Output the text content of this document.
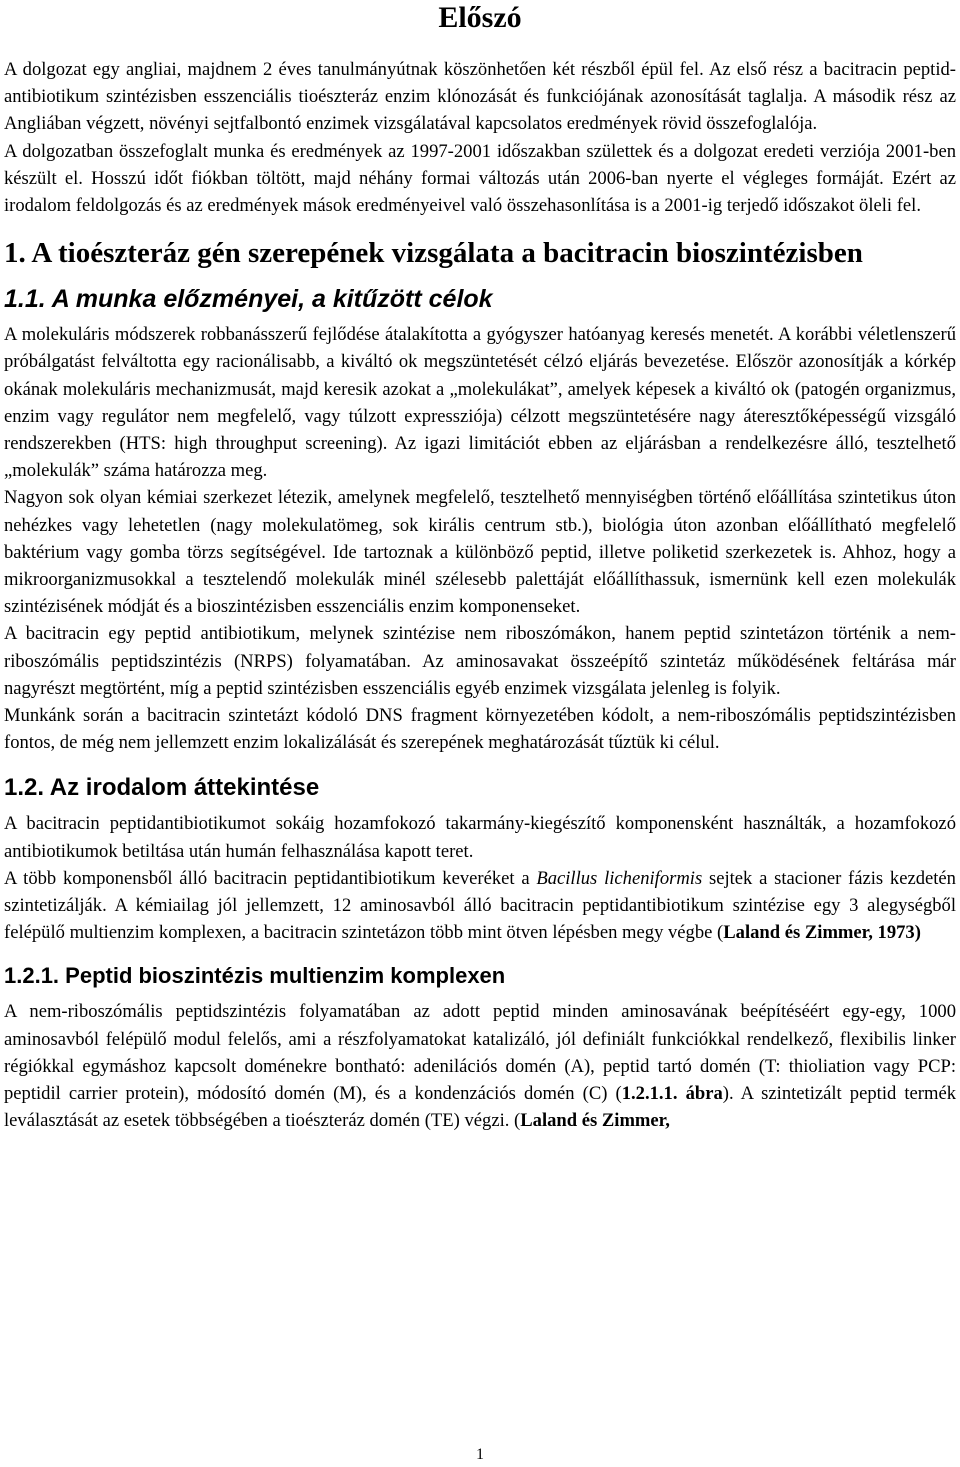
Előszó

A dolgozat egy angliai, majdnem 2 éves tanulmányútnak köszönhetően két részből épül fel. Az első rész a bacitracin peptid-antibiotikum szintézisben esszenciális tioészteráz enzim klónozását és funkciójának azonosítását taglalja. A második rész az Angliában végzett, növényi sejtfalbontó enzimek vizsgálatával kapcsolatos eredmények rövid összefoglalója.

A dolgozatban összefoglalt munka és eredmények az 1997-2001 időszakban születtek és a dolgozat eredeti verziója 2001-ben készült el. Hosszú időt fiókban töltött, majd néhány formai változás után 2006-ban nyerte el végleges formáját. Ezért az irodalom feldolgozás és az eredmények mások eredményeivel való összehasonlítása is a 2001-ig terjedő időszakot öleli fel.

1. A tioészteráz gén szerepének vizsgálata a bacitracin bioszintézisben
1.1. A munka előzményei, a kitűzött célok

A molekuláris módszerek robbanásszerű fejlődése átalakította a gyógyszer hatóanyag keresés menetét. A korábbi véletlenszerű próbálgatást felváltotta egy racionálisabb, a kiváltó ok megszüntetését célzó eljárás bevezetése. Először azonosítják a kórkép okának molekuláris mechanizmusát, majd keresik azokat a „molekulákat”, amelyek képesek a kiváltó ok (patogén organizmus, enzim vagy regulátor nem megfelelő, vagy túlzott expressziója) célzott megszüntetésére nagy áteresztőképességű vizsgáló rendszerekben (HTS: high throughput screening). Az igazi limitációt ebben az eljárásban a rendelkezésre álló, tesztelhető „molekulák” száma határozza meg.

Nagyon sok olyan kémiai szerkezet létezik, amelynek megfelelő, tesztelhető mennyiségben történő előállítása szintetikus úton nehézkes vagy lehetetlen (nagy molekulatömeg, sok királis centrum stb.), biológia úton azonban előállítható megfelelő baktérium vagy gomba törzs segítségével. Ide tartoznak a különböző peptid, illetve poliketid szerkezetek is. Ahhoz, hogy a mikroorganizmusokkal a tesztelendő molekulák minél szélesebb palettáját előállíthassuk, ismernünk kell ezen molekulák szintézisének módját és a bioszintézisben esszenciális enzim komponenseket.

A bacitracin egy peptid antibiotikum, melynek szintézise nem riboszómákon, hanem peptid szintetázon történik a nem-riboszómális peptidszintézis (NRPS) folyamatában. Az aminosavakat összeépítő szintetáz működésének feltárása már nagyrészt megtörtént, míg a peptid szintézisben esszenciális egyéb enzimek vizsgálata jelenleg is folyik.

Munkánk során a bacitracin szintetázt kódoló DNS fragment környezetében kódolt, a nem-riboszómális peptidszintézisben fontos, de még nem jellemzett enzim lokalizálását és szerepének meghatározását tűztük ki célul.

1.2. Az irodalom áttekintése

A bacitracin peptidantibiotikumot sokáig hozamfokozó takarmány-kiegészítő komponensként használták, a hozamfokozó antibiotikumok betiltása után humán felhasználása kapott teret.

A több komponensből álló bacitracin peptidantibiotikum keveréket a Bacillus licheniformis sejtek a stacioner fázis kezdetén szintetizálják. A kémiailag jól jellemzett, 12 aminosavból álló bacitracin peptidantibiotikum szintézise egy 3 alegységből felépülő multienzim komplexen, a bacitracin szintetázon több mint ötven lépésben megy végbe (Laland és Zimmer, 1973)

1.2.1. Peptid bioszintézis multienzim komplexen

A nem-riboszómális peptidszintézis folyamatában az adott peptid minden aminosavának beépítéséért egy-egy, 1000 aminosavból felépülő modul felelős, ami a részfolyamatokat katalizáló, jól definiált funkciókkal rendelkező, flexibilis linker régiókkal egymáshoz kapcsolt doménekre bontható: adenilációs domén (A), peptid tartó domén (T: thioliation vagy PCP: peptidil carrier protein), módosító domén (M), és a kondenzációs domén (C) (1.2.1.1. ábra). A szintetizált peptid termék leválasztását az esetek többségében a tioészteráz domén (TE) végzi. (Laland és Zimmer,

1
